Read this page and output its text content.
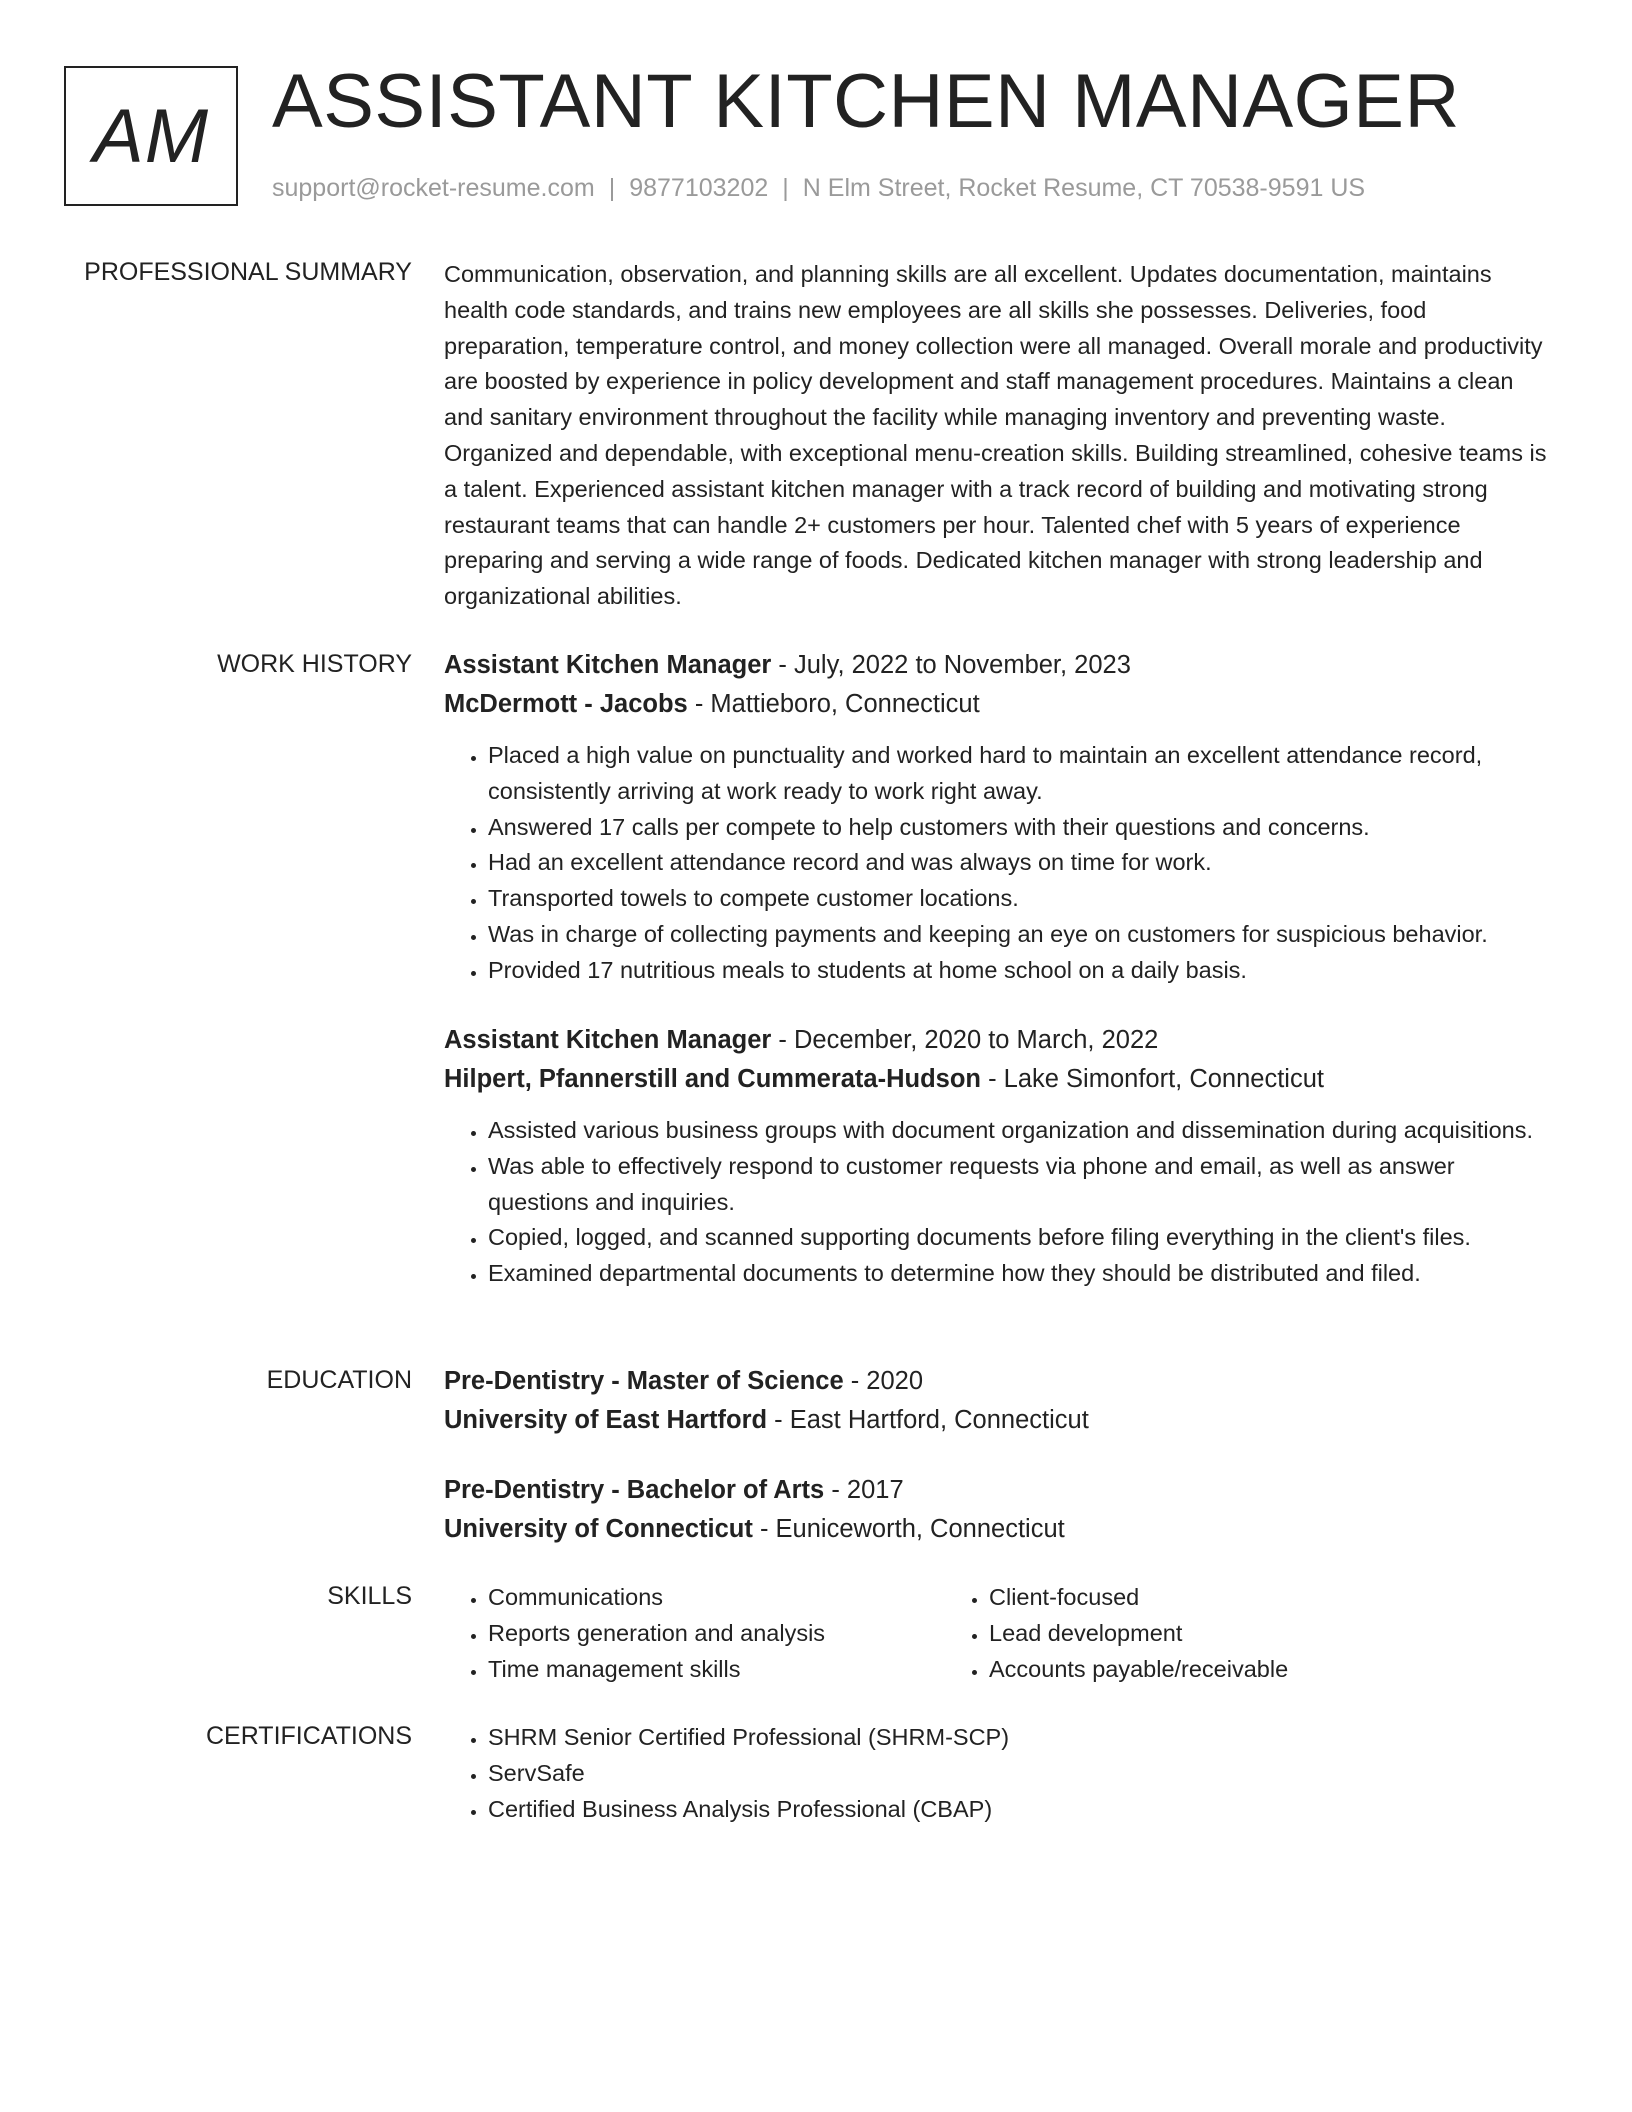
AM ASSISTANT KITCHEN MANAGER
support@rocket-resume.com | 9877103202 | N Elm Street, Rocket Resume, CT 70538-9591 US
PROFESSIONAL SUMMARY Communication, observation, and planning skills are all excellent. Updates documentation, maintains health code standards, and trains new employees are all skills she possesses. Deliveries, food preparation, temperature control, and money collection were all managed. Overall morale and productivity are boosted by experience in policy development and staff management procedures. Maintains a clean and sanitary environment throughout the facility while managing inventory and preventing waste. Organized and dependable, with exceptional menu-creation skills. Building streamlined, cohesive teams is a talent. Experienced assistant kitchen manager with a track record of building and motivating strong restaurant teams that can handle 2+ customers per hour. Talented chef with 5 years of experience preparing and serving a wide range of foods. Dedicated kitchen manager with strong leadership and organizational abilities.

WORK HISTORY Assistant Kitchen Manager - July, 2022 to November, 2023
McDermott - Jacobs - Mattieboro, Connecticut
• Placed a high value on punctuality and worked hard to maintain an excellent attendance record, consistently arriving at work ready to work right away.
• Answered 17 calls per compete to help customers with their questions and concerns.
• Had an excellent attendance record and was always on time for work.
• Transported towels to compete customer locations.
• Was in charge of collecting payments and keeping an eye on customers for suspicious behavior.
• Provided 17 nutritious meals to students at home school on a daily basis.
Assistant Kitchen Manager - December, 2020 to March, 2022
Hilpert, Pfannerstill and Cummerata-Hudson - Lake Simonfort, Connecticut
• Assisted various business groups with document organization and dissemination during acquisitions.
• Was able to effectively respond to customer requests via phone and email, as well as answer questions and inquiries.
• Copied, logged, and scanned supporting documents before filing everything in the client's files.
• Examined departmental documents to determine how they should be distributed and filed.
EDUCATION Pre-Dentistry - Master of Science - 2020
University of East Hartford - East Hartford, Connecticut
Pre-Dentistry - Bachelor of Arts - 2017
University of Connecticut - Euniceworth, Connecticut
SKILLS	• Communications
• Reports generation and analysis
• Time management skills
• Client-focused
• Lead development
• Accounts payable/receivable
CERTIFICATIONS	• SHRM Senior Certified Professional (SHRM-SCP)
• ServSafe
• Certified Business Analysis Professional (CBAP)
